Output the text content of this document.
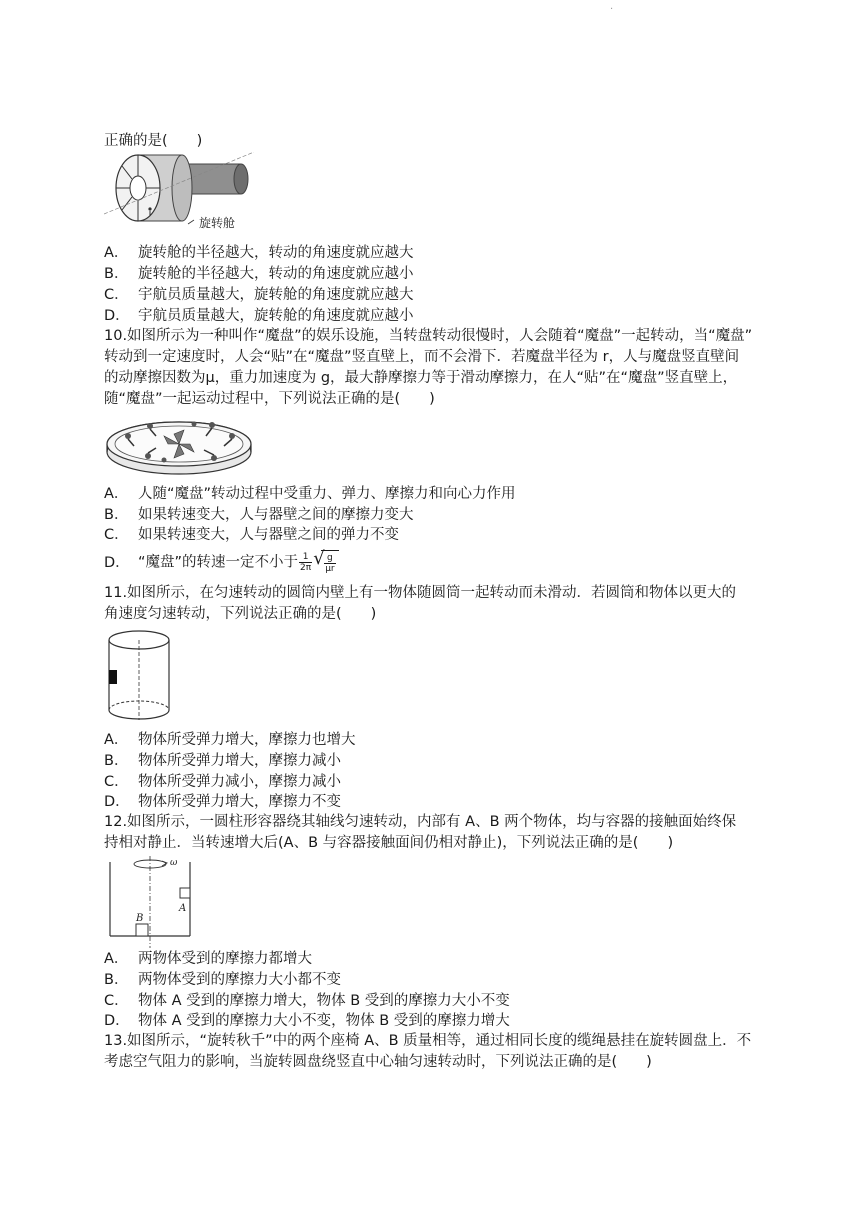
·
正确的是(　　)
旋转舱
A． 旋转舱的半径越大，转动的角速度就应越大
B． 旋转舱的半径越大，转动的角速度就应越小
C． 宇航员质量越大，旋转舱的角速度就应越大
D． 宇航员质量越大，旋转舱的角速度就应越小
10.如图所示为一种叫作“魔盘”的娱乐设施，当转盘转动很慢时，人会随着“魔盘”一起转动，当“魔盘”
转动到一定速度时，人会“贴”在“魔盘”竖直壁上，而不会滑下．若魔盘半径为 r，人与魔盘竖直壁间
的动摩擦因数为μ，重力加速度为 g，最大静摩擦力等于滑动摩擦力，在人“贴”在“魔盘”竖直壁上，
随“魔盘”一起运动过程中，下列说法正确的是(　　)
A． 人随“魔盘”转动过程中受重力、弹力、摩擦力和向心力作用
B． 如果转速变大，人与器壁之间的摩擦力变大
C． 如果转速变大，人与器壁之间的弹力不变
D． “魔盘”的转速一定不小于 $\frac{1}{2\pi}$ √ $\frac{g}{\mu r}$
11.如图所示，在匀速转动的圆筒内壁上有一物体随圆筒一起转动而未滑动．若圆筒和物体以更大的
角速度匀速转动，下列说法正确的是(　　)
A． 物体所受弹力增大，摩擦力也增大
B． 物体所受弹力增大，摩擦力减小
C． 物体所受弹力减小，摩擦力减小
D． 物体所受弹力增大，摩擦力不变
12.如图所示，一圆柱形容器绕其轴线匀速转动，内部有 A、B 两个物体，均与容器的接触面始终保
持相对静止．当转速增大后(A、B 与容器接触面间仍相对静止)，下列说法正确的是(　　)
ω
A
B
A． 两物体受到的摩擦力都增大
B． 两物体受到的摩擦力大小都不变
C． 物体 A 受到的摩擦力增大，物体 B 受到的摩擦力大小不变
D． 物体 A 受到的摩擦力大小不变，物体 B 受到的摩擦力增大
13.如图所示，“旋转秋千”中的两个座椅 A、B 质量相等，通过相同长度的缆绳悬挂在旋转圆盘上．不
考虑空气阻力的影响，当旋转圆盘绕竖直中心轴匀速转动时，下列说法正确的是(　　)
